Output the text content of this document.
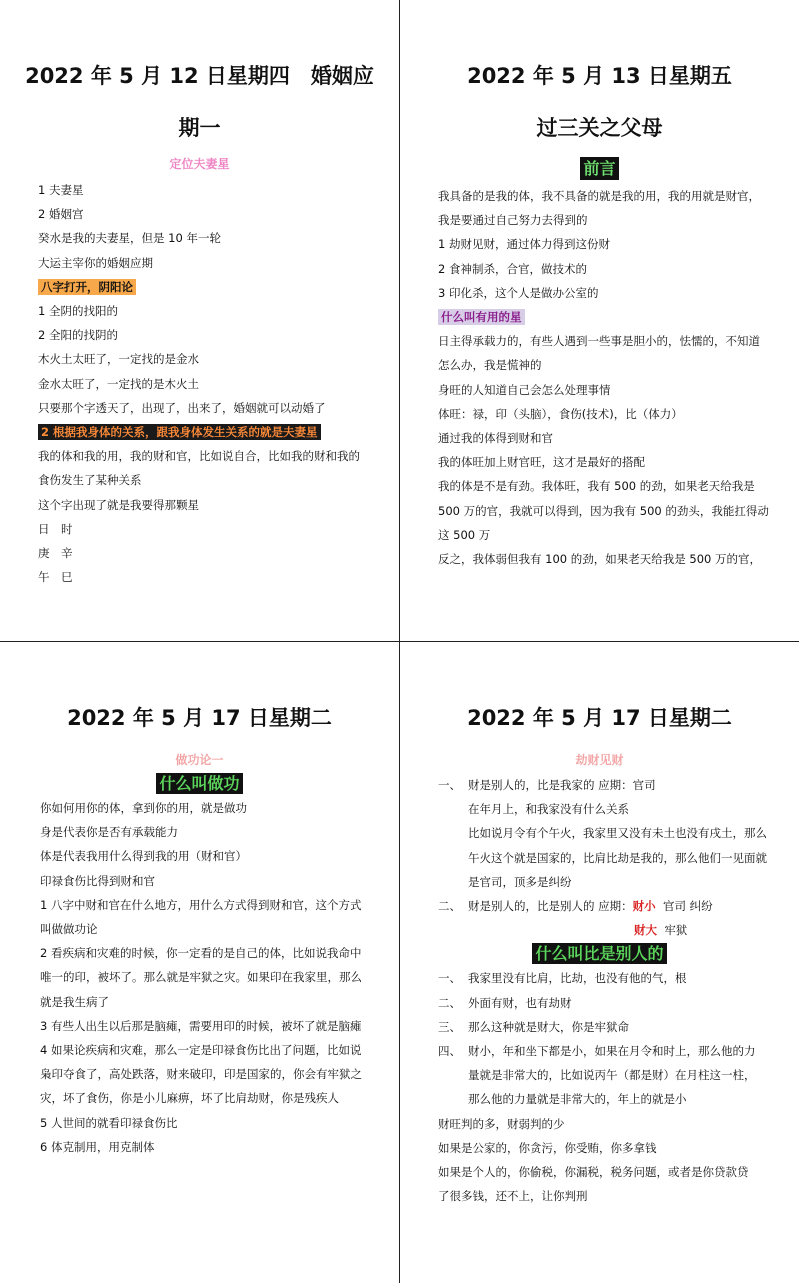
2022 年 5 月 12 日星期四　婚姻应
期一
定位夫妻星
1 夫妻星
2 婚姻宫
癸水是我的夫妻星，但是 10 年一轮
大运主宰你的婚姻应期
八字打开，阴阳论
1 全阴的找阳的
2 全阳的找阴的
木火土太旺了，一定找的是金水
金水太旺了，一定找的是木火土
只要那个字透天了，出现了，出来了，婚姻就可以动婚了
2 根据我身体的关系，跟我身体发生关系的就是夫妻星
我的体和我的用，我的财和官，比如说自合，比如我的财和我的
食伤发生了某种关系
这个字出现了就是我要得那颗星
日　时
庚　辛
午　巳
2022 年 5 月 13 日星期五
过三关之父母
前言
我具备的是我的体，我不具备的就是我的用，我的用就是财官，
我是要通过自己努力去得到的
1 劫财见财，通过体力得到这份财
2 食神制杀，合官，做技术的
3 印化杀，这个人是做办公室的
什么叫有用的星
日主得承载力的，有些人遇到一些事是胆小的，怯懦的，不知道
怎么办，我是慌神的
身旺的人知道自己会怎么处理事情
体旺：禄，印（头脑），食伤(技术)，比（体力）
通过我的体得到财和官
我的体旺加上财官旺，这才是最好的搭配
我的体是不是有劲。我体旺，我有 500 的劲，如果老天给我是
500 万的官，我就可以得到，因为我有 500 的劲头，我能扛得动
这 500 万
反之，我体弱但我有 100 的劲，如果老天给我是 500 万的官，
2022 年 5 月 17 日星期二
做功论一
什么叫做功
你如何用你的体，拿到你的用，就是做功
身是代表你是否有承载能力
体是代表我用什么得到我的用（财和官）
印禄食伤比得到财和官
1 八字中财和官在什么地方，用什么方式得到财和官，这个方式
叫做做功论
2 看疾病和灾难的时候，你一定看的是自己的体，比如说我命中
唯一的印，被坏了。那么就是牢狱之灾。如果印在我家里，那么
就是我生病了
3 有些人出生以后那是脑瘫，需要用印的时候，被坏了就是脑瘫
4 如果论疾病和灾难，那么一定是印禄食伤比出了问题，比如说
枭印夺食了，高处跌落，财来破印，印是国家的，你会有牢狱之
灾，坏了食伤，你是小儿麻痹，坏了比肩劫财，你是残疾人
5 人世间的就看印禄食伤比
6 体克制用，用克制体
2022 年 5 月 17 日星期二
劫财见财
一、 财是别人的，比是我家的 应期：官司
在年月上，和我家没有什么关系
比如说月令有个午火，我家里又没有未土也没有戌土，那么
午火这个就是国家的，比肩比劫是我的，那么他们一见面就
是官司，顶多是纠纷
二、 财是别人的，比是别人的 应期：财小 官司 纠纷
财大 牢狱
什么叫比是别人的
一、 我家里没有比肩，比劫，也没有他的气，根
二、 外面有财，也有劫财
三、 那么这种就是财大，你是牢狱命
四、 财小，年和坐下都是小，如果在月令和时上，那么他的力
量就是非常大的，比如说丙午（都是财）在月柱这一柱，
那么他的力量就是非常大的，年上的就是小
财旺判的多，财弱判的少
如果是公家的，你贪污，你受贿，你多拿钱
如果是个人的，你偷税，你漏税，税务问题，或者是你贷款贷
了很多钱，还不上，让你判刑
